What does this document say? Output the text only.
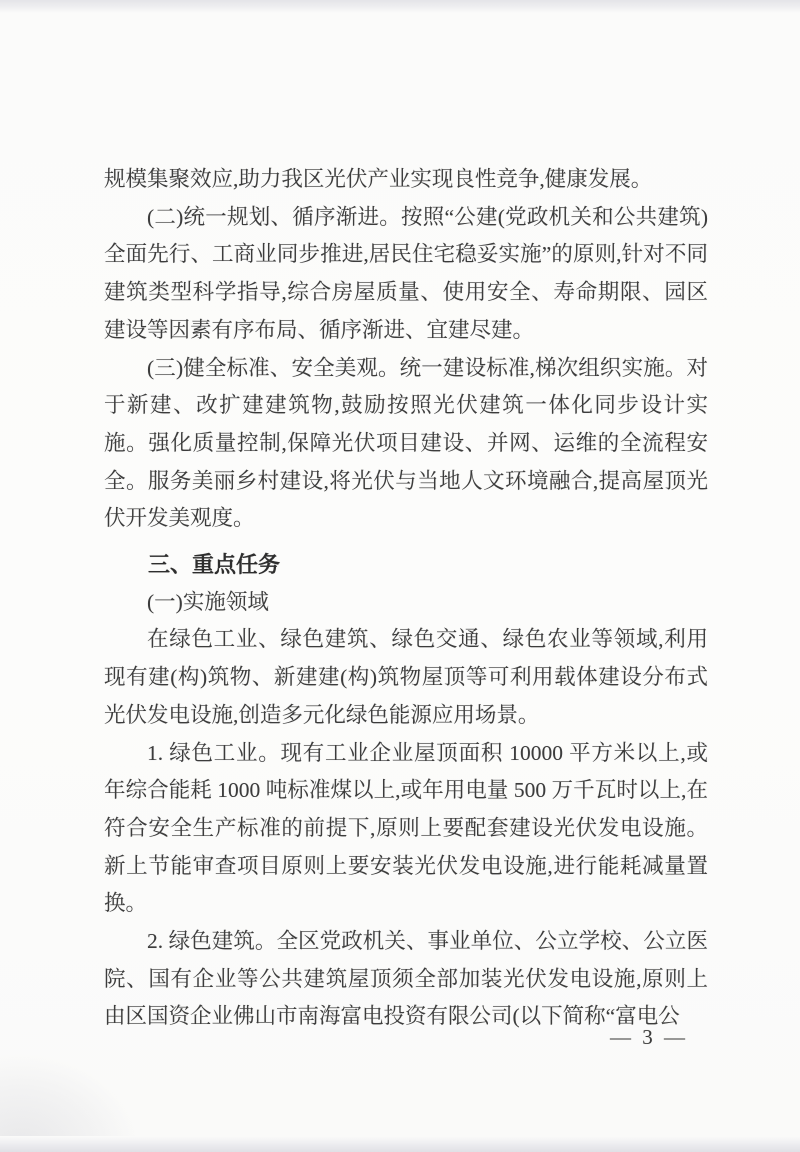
规模集聚效应,助力我区光伏产业实现良性竞争,健康发展。

(二)统一规划、循序渐进。按照“公建(党政机关和公共建筑)全面先行、工商业同步推进,居民住宅稳妥实施”的原则,针对不同建筑类型科学指导,综合房屋质量、使用安全、寿命期限、园区建设等因素有序布局、循序渐进、宜建尽建。

(三)健全标准、安全美观。统一建设标准,梯次组织实施。对于新建、改扩建建筑物,鼓励按照光伏建筑一体化同步设计实施。强化质量控制,保障光伏项目建设、并网、运维的全流程安全。服务美丽乡村建设,将光伏与当地人文环境融合,提高屋顶光伏开发美观度。

三、重点任务

(一)实施领域

在绿色工业、绿色建筑、绿色交通、绿色农业等领域,利用现有建(构)筑物、新建建(构)筑物屋顶等可利用载体建设分布式光伏发电设施,创造多元化绿色能源应用场景。

1. 绿色工业。现有工业企业屋顶面积 10000 平方米以上,或年综合能耗 1000 吨标准煤以上,或年用电量 500 万千瓦时以上,在符合安全生产标准的前提下,原则上要配套建设光伏发电设施。新上节能审查项目原则上要安装光伏发电设施,进行能耗减量置换。

2. 绿色建筑。全区党政机关、事业单位、公立学校、公立医院、国有企业等公共建筑屋顶须全部加装光伏发电设施,原则上由区国资企业佛山市南海富电投资有限公司(以下简称“富电公

— 3 —
